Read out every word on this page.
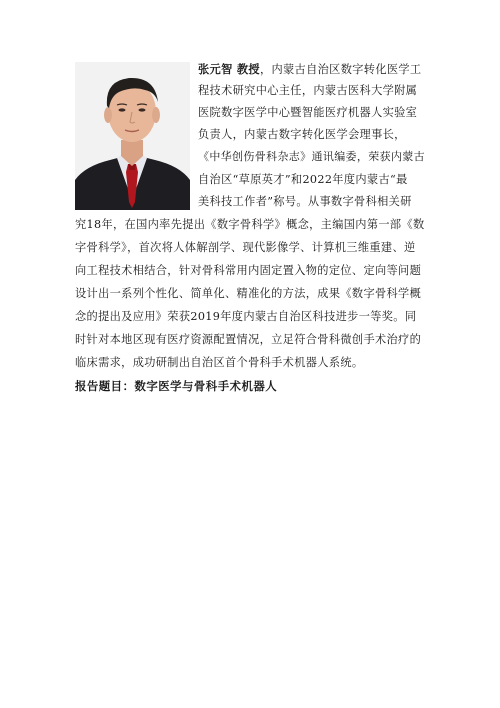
张元智 教授，内蒙古自治区数字转化医学工
程技术研究中心主任，内蒙古医科大学附属
医院数字医学中心暨智能医疗机器人实验室
负责人，内蒙古数字转化医学会理事长，
《中华创伤骨科杂志》通讯编委，荣获内蒙古
自治区“草原英才”和2022年度内蒙古“最
美科技工作者”称号。从事数字骨科相关研
究18年，在国内率先提出《数字骨科学》概念，主编国内第一部《数
字骨科学》，首次将人体解剖学、现代影像学、计算机三维重建、逆
向工程技术相结合，针对骨科常用内固定置入物的定位、定向等问题
设计出一系列个性化、简单化、精准化的方法，成果《数字骨科学概
念的提出及应用》荣获2019年度内蒙古自治区科技进步一等奖。同
时针对本地区现有医疗资源配置情况，立足符合骨科微创手术治疗的
临床需求，成功研制出自治区首个骨科手术机器人系统。
报告题目：数字医学与骨科手术机器人
